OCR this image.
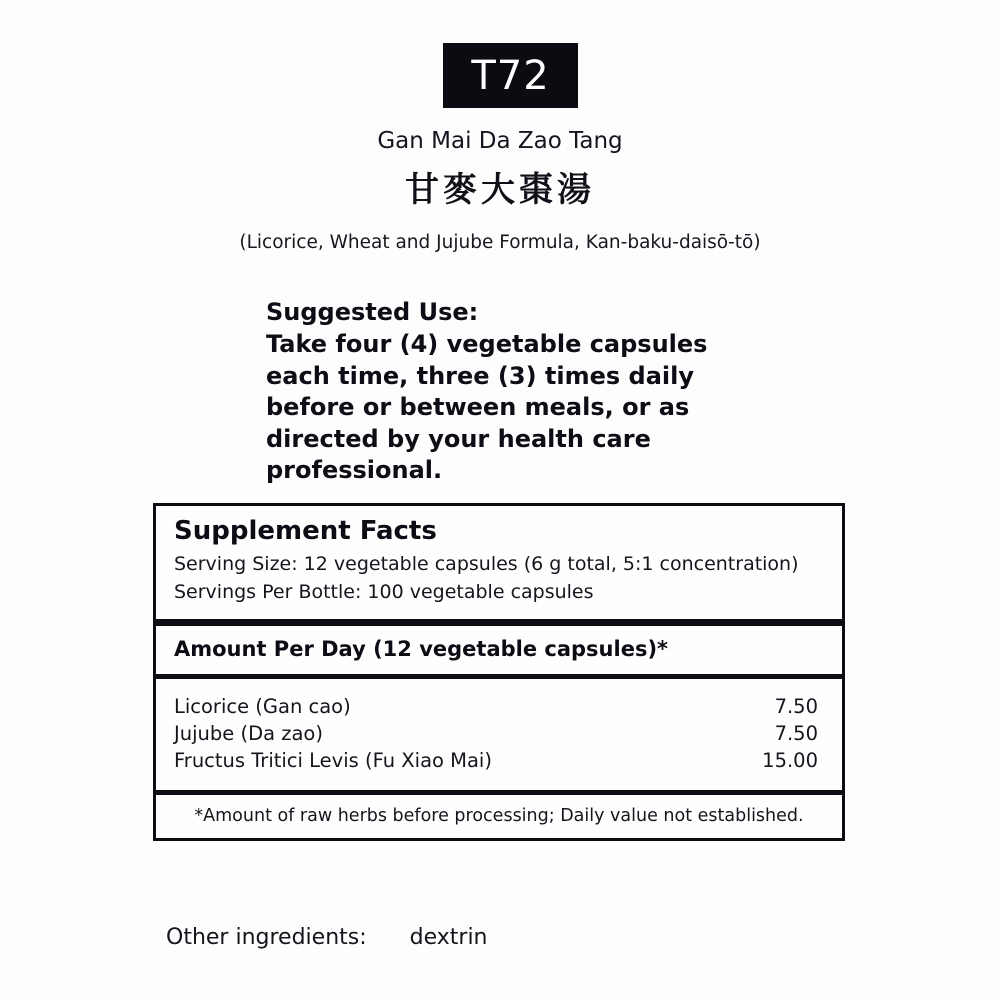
T72
Gan Mai Da Zao Tang
甘麥大棗湯
(Licorice, Wheat and Jujube Formula, Kan-baku-daisō-tō)
Suggested Use:
Take four (4) vegetable capsules each time, three (3) times daily before or between meals, or as directed by your health care professional.
Supplement Facts
Serving Size: 12 vegetable capsules (6 g total, 5:1 concentration)
Servings Per Bottle: 100 vegetable capsules
Amount Per Day (12 vegetable capsules)*
Licorice (Gan cao)	7.50
Jujube (Da zao)	7.50
Fructus Tritici Levis (Fu Xiao Mai)	15.00
*Amount of raw herbs before processing; Daily value not established.
Other ingredients: dextrin
